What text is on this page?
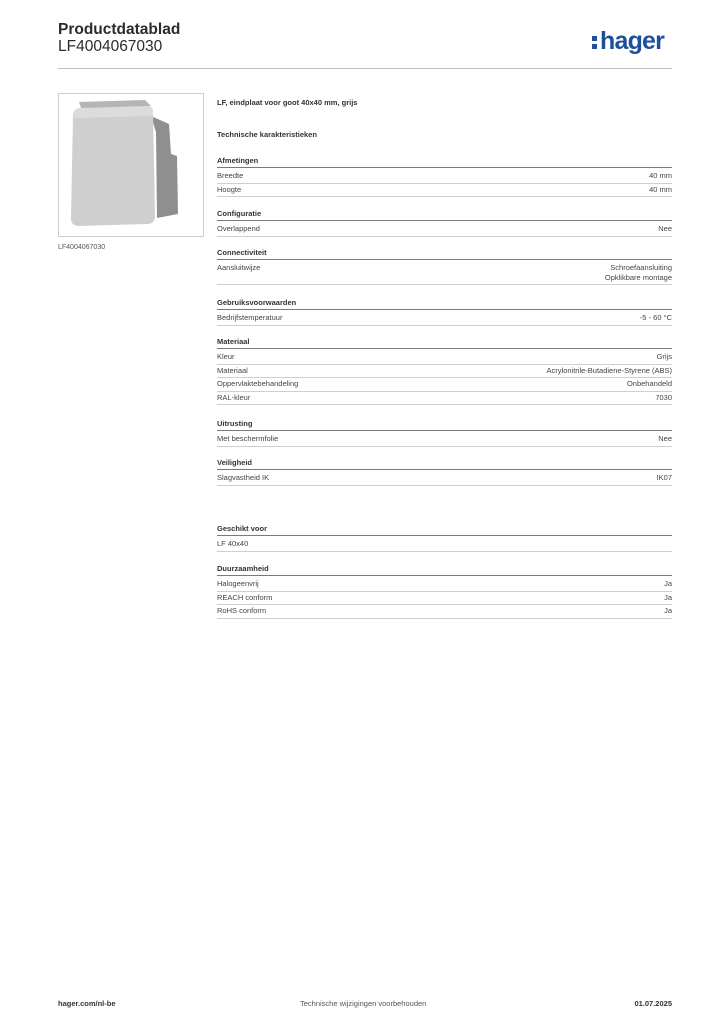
Productdatablad
LF4004067030	hager
LF4004067030
LF, eindplaat voor goot 40x40 mm, grijs
Technische karakteristieken
Afmetingen
Breedte	40 mm
Hoogte	40 mm
Configuratie
Overlappend	Nee
Connectiviteit
Aansluitwijze	Schroefaansluiting
Opklikbare montage
Gebruiksvoorwaarden
Bedrijfstemperatuur	-5 - 60 °C
Materiaal
Kleur	Grijs
Materiaal	Acrylonitrile-Butadiene-Styrene (ABS)
Oppervlaktebehandeling	Onbehandeld
RAL-kleur	7030
Uitrusting
Met beschermfolie	Nee
Veiligheid
Slagvastheid IK	IK07
Geschikt voor
LF 40x40
Duurzaamheid
Halogeenvrij	Ja
REACH conform	Ja
RoHS conform	Ja
hager.com/nl-be	Technische wijzigingen voorbehouden	01.07.2025
